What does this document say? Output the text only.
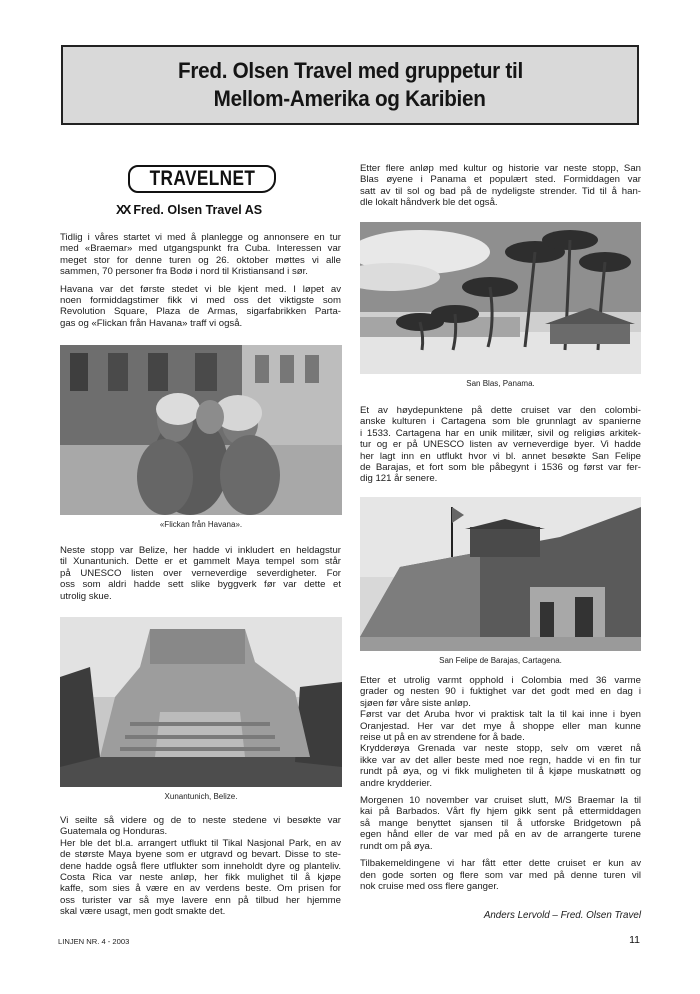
Fred. Olsen Travel med gruppetur til
Mellom-Amerika og Karibien
TRAVELNET
XX Fred. Olsen Travel AS
Tidlig i våres startet vi med å planlegge og annonsere en tur
med «Braemar» med utgangspunkt fra Cuba. Interessen var
meget stor for denne turen og 26. oktober møttes vi alle
sammen, 70 personer fra Bodø i nord til Kristiansand i sør.
Havana var det første stedet vi ble kjent med. I løpet av
noen formiddagstimer fikk vi med oss det viktigste som
Revolution Square, Plaza de Armas, sigarfabrikken Parta-
gas og «Flickan från Havana» traff vi også.
«Flickan från Havana».
Neste stopp var Belize, her hadde vi inkludert en heldagstur
til Xunantunich. Dette er et gammelt Maya tempel som står
på UNESCO listen over verneverdige severdigheter. For
oss som aldri hadde sett slike byggverk før var dette et
utrolig skue.
Xunantunich, Belize.
Vi seilte så videre og de to neste stedene vi besøkte var
Guatemala og Honduras.
Her ble det bl.a. arrangert utflukt til Tikal Nasjonal Park, en av
de største Maya byene som er utgravd og bevart. Disse to ste-
dene hadde også flere utflukter som inneholdt dyre og planteliv.
Costa Rica var neste anløp, her fikk mulighet til å kjøpe
kaffe, som sies å være en av verdens beste. Om prisen for
oss turister var så mye lavere enn på tilbud her hjemme
skal være usagt, men godt smakte det.
Etter flere anløp med kultur og historie var neste stopp, San
Blas øyene i Panama et populært sted. Formiddagen var
satt av til sol og bad på de nydeligste strender. Tid til å han-
dle lokalt håndverk ble det også.
San Blas, Panama.
Et av høydepunktene på dette cruiset var den colombi-
anske kulturen i Cartagena som ble grunnlagt av spanierne
i 1533. Cartagena har en unik militær, sivil og religiøs arkitek-
tur og er på UNESCO listen av verneverdige byer. Vi hadde
her lagt inn en utflukt hvor vi bl. annet besøkte San Felipe
de Barajas, et fort som ble påbegynt i 1536 og først var fer-
dig 121 år senere.
San Felipe de Barajas, Cartagena.
Etter et utrolig varmt opphold i Colombia med 36 varme
grader og nesten 90 i fuktighet var det godt med en dag i
sjøen før våre siste anløp.
Først var det Aruba hvor vi praktisk talt la til kai inne i byen
Oranjestad. Her var det mye å shoppe eller man kunne
reise ut på en av strendene for å bade.
Krydderøya Grenada var neste stopp, selv om været nå
ikke var av det aller beste med noe regn, hadde vi en fin tur
rundt på øya, og vi fikk muligheten til å kjøpe muskatnøtt og
andre krydderier.
Morgenen 10 november var cruiset slutt, M/S Braemar la til
kai på Barbados. Vårt fly hjem gikk sent på ettermiddagen
så mange benyttet sjansen til å utforske Bridgetown på
egen hånd eller de var med på en av de arrangerte turene
rundt om på øya.
Tilbakemeldingene vi har fått etter dette cruiset er kun av
den gode sorten og flere som var med på denne turen vil
nok cruise med oss flere ganger.
Anders Lervold – Fred. Olsen Travel
LINJEN NR. 4 - 2003	11
